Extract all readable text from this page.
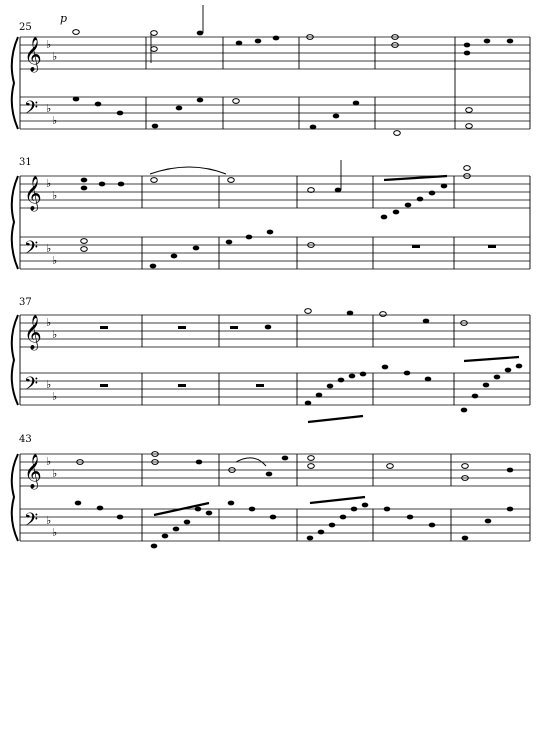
p
25
𝄞
𝄢
♭
♭
♭
♭
31
𝄞
𝄢
♭
♭
♭
♭
37
𝄞
𝄢
♭
♭
♭
♭
43
𝄞
𝄢
♭
♭
♭
♭
